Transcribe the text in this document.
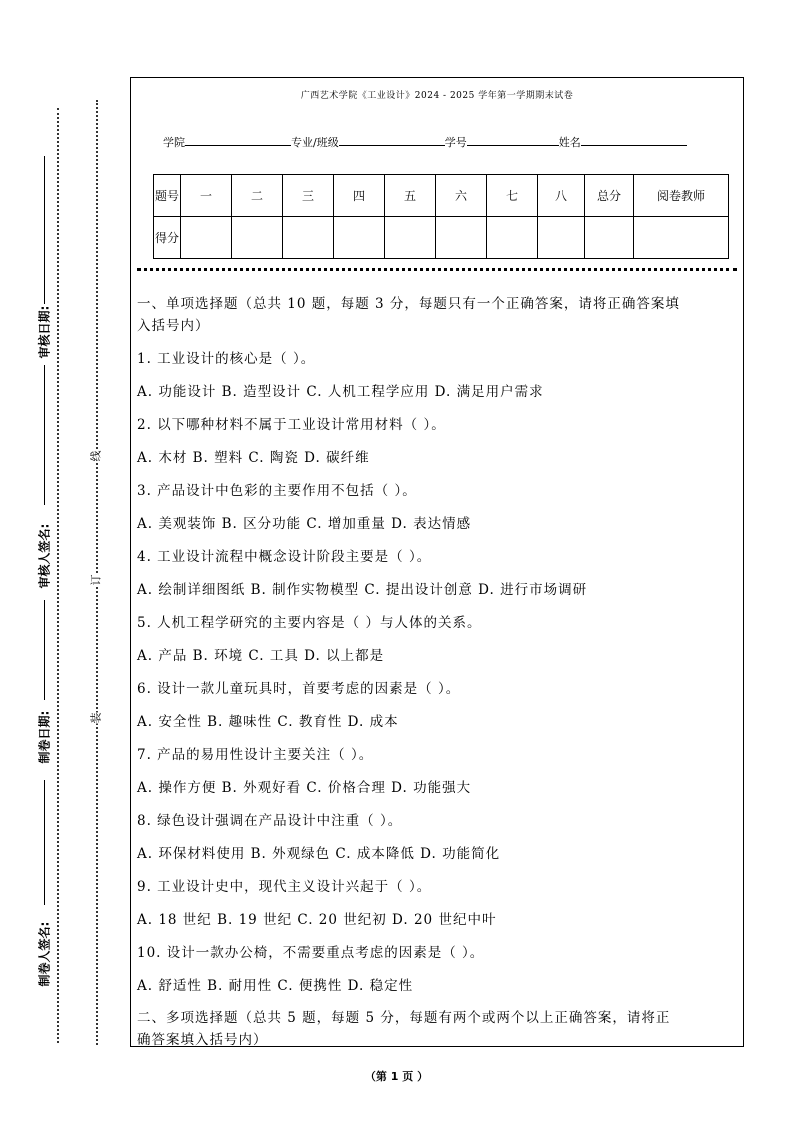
审核日期:
审核人签名:
制卷日期:
制卷人签名:
线
订
装
广西艺术学院《工业设计》2024 - 2025 学年第一学期期末试卷
学院	专业/班级	学号	姓名
题号	一	二	三	四	五	六	七	八	总分	阅卷教师
得分										
一、单项选择题（总共 10 题，每题 3 分，每题只有一个正确答案，请将正确答案填
入括号内）
1. 工业设计的核心是（ ）。
A. 功能设计 B. 造型设计 C. 人机工程学应用 D. 满足用户需求
2. 以下哪种材料不属于工业设计常用材料（ ）。
A. 木材 B. 塑料 C. 陶瓷 D. 碳纤维
3. 产品设计中色彩的主要作用不包括（ ）。
A. 美观装饰 B. 区分功能 C. 增加重量 D. 表达情感
4. 工业设计流程中概念设计阶段主要是（ ）。
A. 绘制详细图纸 B. 制作实物模型 C. 提出设计创意 D. 进行市场调研
5. 人机工程学研究的主要内容是（ ）与人体的关系。
A. 产品 B. 环境 C. 工具 D. 以上都是
6. 设计一款儿童玩具时，首要考虑的因素是（ ）。
A. 安全性 B. 趣味性 C. 教育性 D. 成本
7. 产品的易用性设计主要关注（ ）。
A. 操作方便 B. 外观好看 C. 价格合理 D. 功能强大
8. 绿色设计强调在产品设计中注重（ ）。
A. 环保材料使用 B. 外观绿色 C. 成本降低 D. 功能简化
9. 工业设计史中，现代主义设计兴起于（ ）。
A. 18 世纪 B. 19 世纪 C. 20 世纪初 D. 20 世纪中叶
10. 设计一款办公椅，不需要重点考虑的因素是（ ）。
A. 舒适性 B. 耐用性 C. 便携性 D. 稳定性
二、多项选择题（总共 5 题，每题 5 分，每题有两个或两个以上正确答案，请将正
确答案填入括号内）
（第 1 页 ）
